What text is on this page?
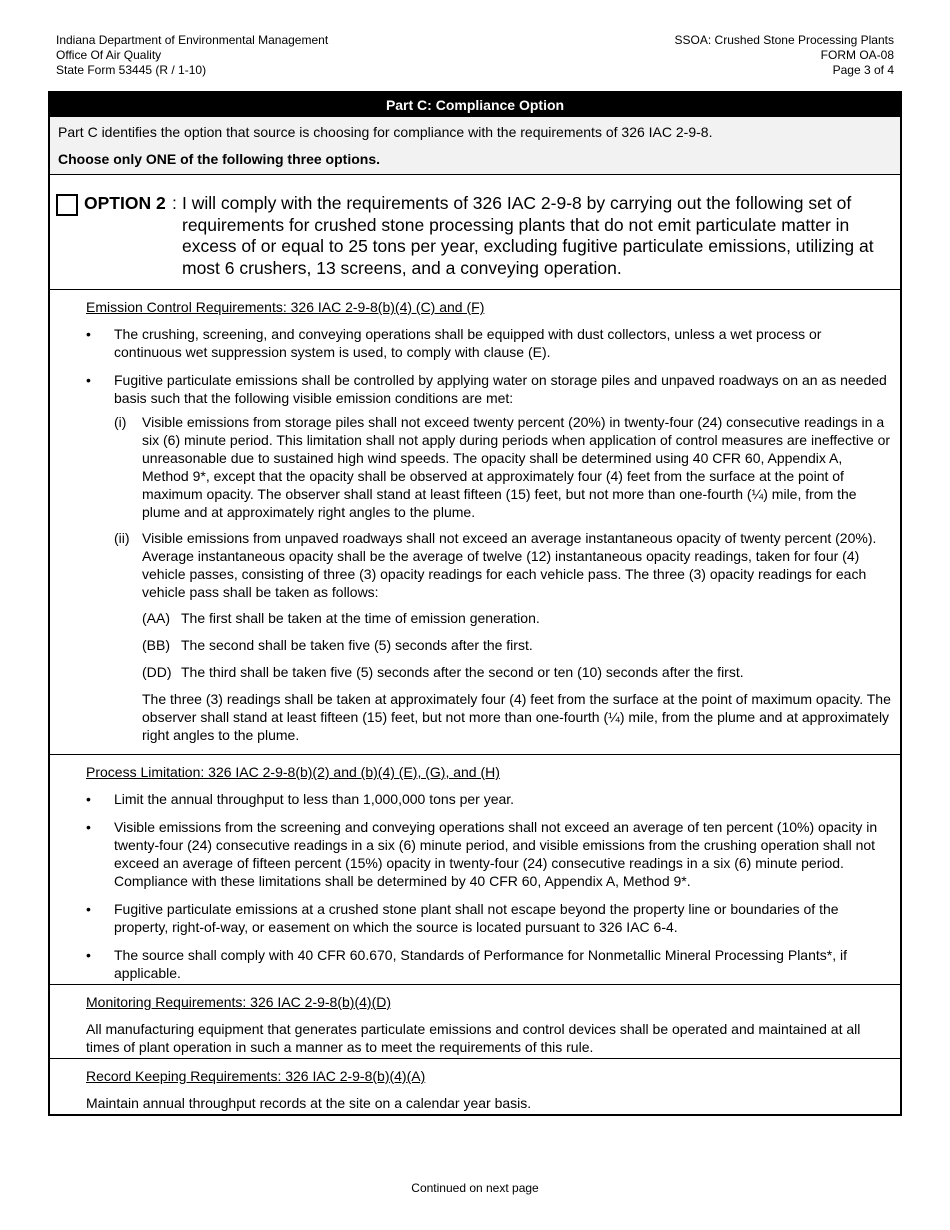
Indiana Department of Environmental Management
Office Of Air Quality
State Form 53445 (R / 1-10)
SSOA: Crushed Stone Processing Plants
FORM OA-08
Page 3 of 4
Part C: Compliance Option

Part C identifies the option that source is choosing for compliance with the requirements of 326 IAC 2-9-8.

Choose only ONE of the following three options.

OPTION 2 : I will comply with the requirements of 326 IAC 2-9-8 by carrying out the following set of requirements for crushed stone processing plants that do not emit particulate matter in excess of or equal to 25 tons per year, excluding fugitive particulate emissions, utilizing at most 6 crushers, 13 screens, and a conveying operation.
Emission Control Requirements: 326 IAC 2-9-8(b)(4) (C) and (F)
• The crushing, screening, and conveying operations shall be equipped with dust collectors, unless a wet process or continuous wet suppression system is used, to comply with clause (E).
• Fugitive particulate emissions shall be controlled by applying water on storage piles and unpaved roadways on an as needed basis such that the following visible emission conditions are met:
(i) Visible emissions from storage piles shall not exceed twenty percent (20%) in twenty-four (24) consecutive readings in a six (6) minute period. This limitation shall not apply during periods when application of control measures are ineffective or unreasonable due to sustained high wind speeds. The opacity shall be determined using 40 CFR 60, Appendix A, Method 9*, except that the opacity shall be observed at approximately four (4) feet from the surface at the point of maximum opacity. The observer shall stand at least fifteen (15) feet, but not more than one-fourth (¼) mile, from the plume and at approximately right angles to the plume.
(ii) Visible emissions from unpaved roadways shall not exceed an average instantaneous opacity of twenty percent (20%). Average instantaneous opacity shall be the average of twelve (12) instantaneous opacity readings, taken for four (4) vehicle passes, consisting of three (3) opacity readings for each vehicle pass. The three (3) opacity readings for each vehicle pass shall be taken as follows:
(AA) The first shall be taken at the time of emission generation.
(BB) The second shall be taken five (5) seconds after the first.
(DD) The third shall be taken five (5) seconds after the second or ten (10) seconds after the first.
The three (3) readings shall be taken at approximately four (4) feet from the surface at the point of maximum opacity. The observer shall stand at least fifteen (15) feet, but not more than one-fourth (¼) mile, from the plume and at approximately right angles to the plume.
Process Limitation: 326 IAC 2-9-8(b)(2) and (b)(4) (E), (G), and (H)
• Limit the annual throughput to less than 1,000,000 tons per year.
• Visible emissions from the screening and conveying operations shall not exceed an average of ten percent (10%) opacity in twenty-four (24) consecutive readings in a six (6) minute period, and visible emissions from the crushing operation shall not exceed an average of fifteen percent (15%) opacity in twenty-four (24) consecutive readings in a six (6) minute period. Compliance with these limitations shall be determined by 40 CFR 60, Appendix A, Method 9*.
• Fugitive particulate emissions at a crushed stone plant shall not escape beyond the property line or boundaries of the property, right-of-way, or easement on which the source is located pursuant to 326 IAC 6-4.
• The source shall comply with 40 CFR 60.670, Standards of Performance for Nonmetallic Mineral Processing Plants*, if applicable.
Monitoring Requirements: 326 IAC 2-9-8(b)(4)(D)
All manufacturing equipment that generates particulate emissions and control devices shall be operated and maintained at all times of plant operation in such a manner as to meet the requirements of this rule.
Record Keeping Requirements: 326 IAC 2-9-8(b)(4)(A)
Maintain annual throughput records at the site on a calendar year basis.
Continued on next page
